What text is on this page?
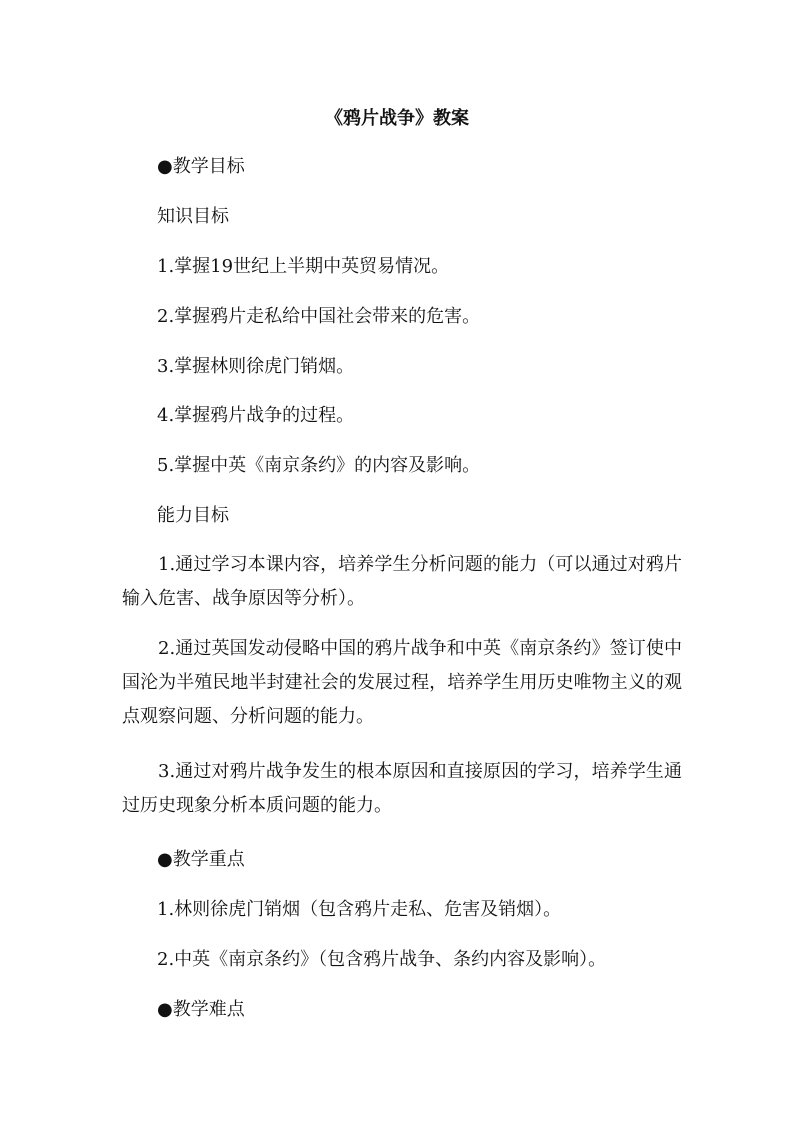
《鸦片战争》教案
●教学目标
知识目标
1.掌握19世纪上半期中英贸易情况。
2.掌握鸦片走私给中国社会带来的危害。
3.掌握林则徐虎门销烟。
4.掌握鸦片战争的过程。
5.掌握中英《南京条约》的内容及影响。
能力目标
1.通过学习本课内容，培养学生分析问题的能力（可以通过对鸦片输入危害、战争原因等分析）。
2.通过英国发动侵略中国的鸦片战争和中英《南京条约》签订使中国沦为半殖民地半封建社会的发展过程，培养学生用历史唯物主义的观点观察问题、分析问题的能力。
3.通过对鸦片战争发生的根本原因和直接原因的学习，培养学生通过历史现象分析本质问题的能力。
●教学重点
1.林则徐虎门销烟（包含鸦片走私、危害及销烟）。
2.中英《南京条约》（包含鸦片战争、条约内容及影响）。
●教学难点
